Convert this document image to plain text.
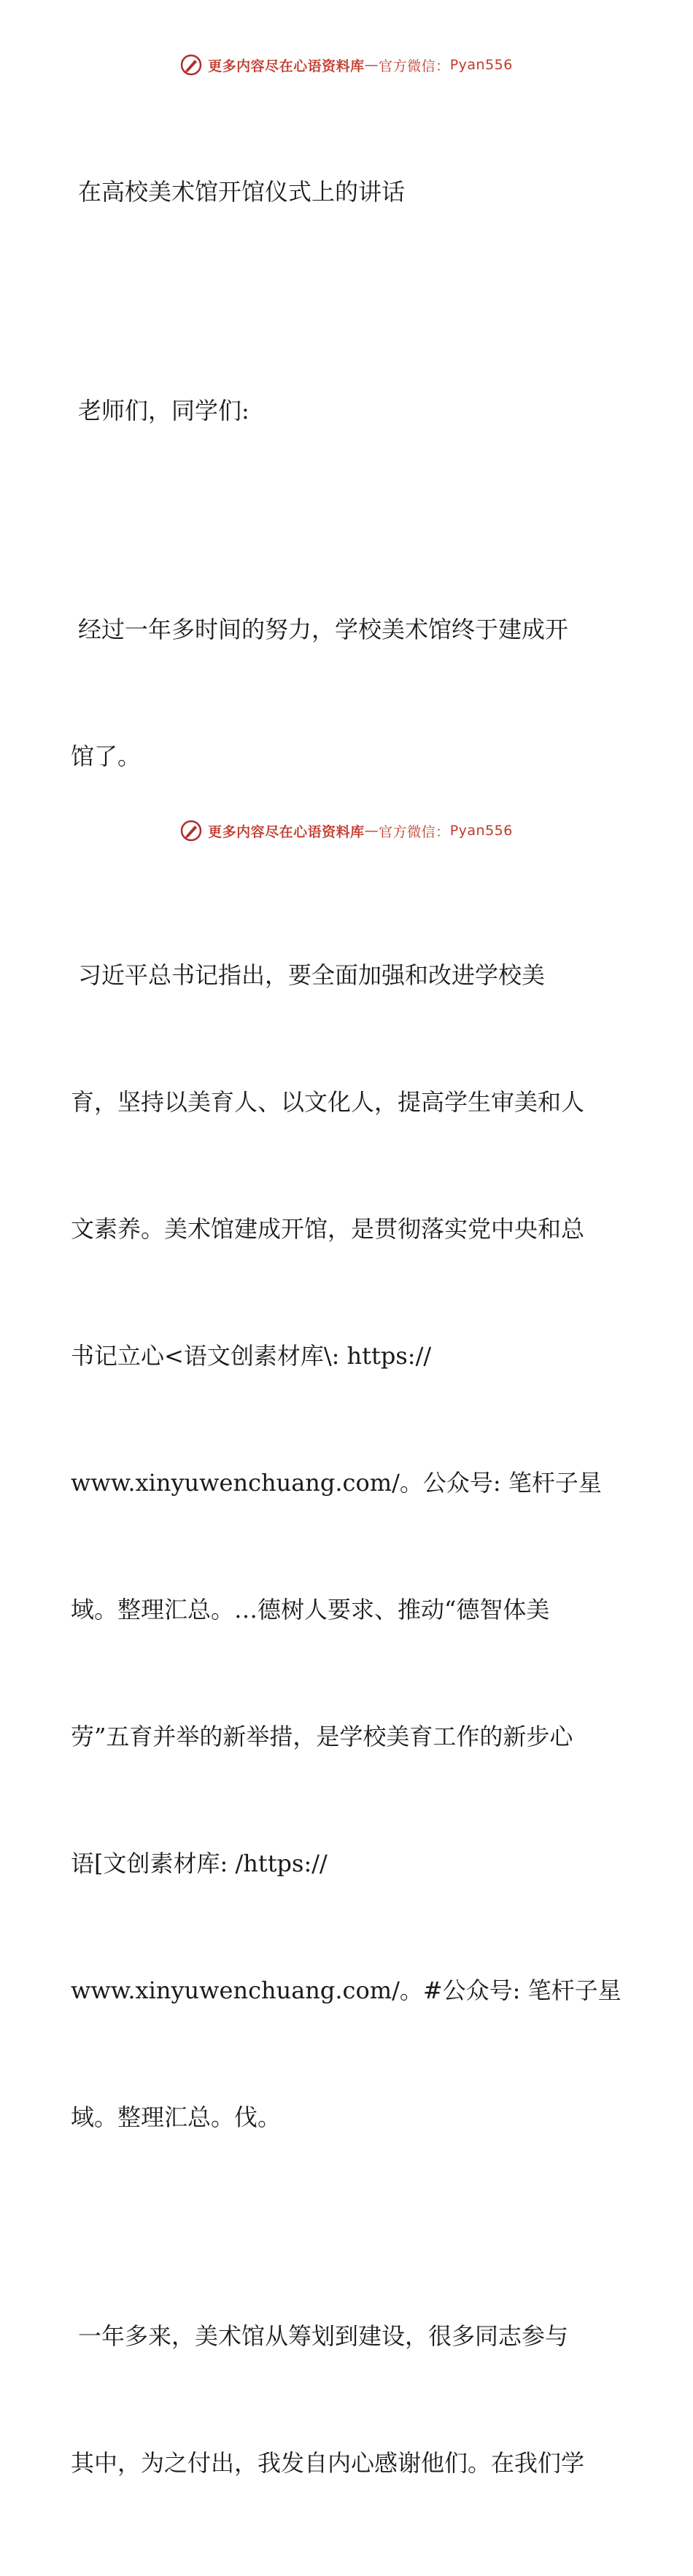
更多内容尽在心语资料库 — 官方微信： Pyan556

在高校美术馆开馆仪式上的讲话

老师们，同学们:

经过一年多时间的努力，学校美术馆终于建成开

馆了。

习近平总书记指出，要全面加强和改进学校美

育，坚持以美育人、以文化人，提高学生审美和人

文素养。美术馆建成开馆，是贯彻落实党中央和总

书记立心<语文创素材库\: https://

www.xinyuwenchuang.com/。公众号: 笔杆子星

域。整理汇总。…德树人要求、推动“德智体美

劳”五育并举的新举措，是学校美育工作的新步心

语[文创素材库: /https://

www.xinyuwenchuang.com/。#公众号: 笔杆子星

域。整理汇总。伐。

一年多来，美术馆从筹划到建设，很多同志参与

其中，为之付出，我发自内心感谢他们。在我们学

更多内容尽在心语资料库 — 官方微信： Pyan556
